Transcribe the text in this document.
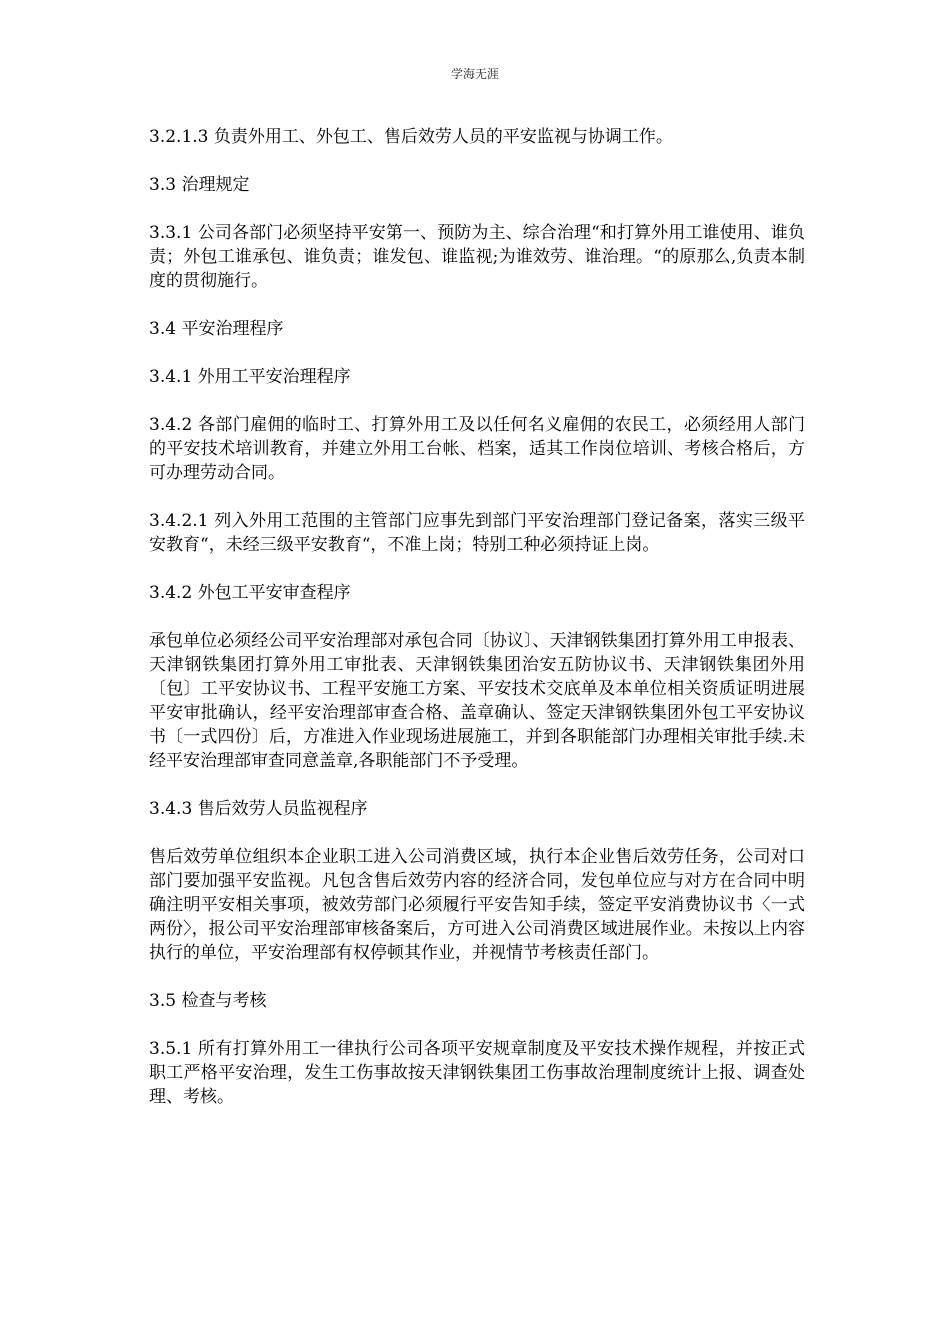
学海无涯

3.2.1.3 负责外用工、外包工、售后效劳人员的平安监视与协调工作。

3.3 治理规定

3.3.1 公司各部门必须坚持平安第一、预防为主、综合治理“和打算外用工谁使用、谁负责；外包工谁承包、谁负责；谁发包、谁监视;为谁效劳、谁治理。“的原那么,负责本制度的贯彻施行。

3.4 平安治理程序

3.4.1 外用工平安治理程序

3.4.2 各部门雇佣的临时工、打算外用工及以任何名义雇佣的农民工，必须经用人部门的平安技术培训教育，并建立外用工台帐、档案，适其工作岗位培训、考核合格后，方可办理劳动合同。

3.4.2.1 列入外用工范围的主管部门应事先到部门平安治理部门登记备案，落实三级平安教育“，未经三级平安教育“，不准上岗；特别工种必须持证上岗。

3.4.2 外包工平安审查程序

承包单位必须经公司平安治理部对承包合同〔协议〕、天津钢铁集团打算外用工申报表、天津钢铁集团打算外用工审批表、天津钢铁集团治安五防协议书、天津钢铁集团外用〔包〕工平安协议书、工程平安施工方案、平安技术交底单及本单位相关资质证明进展平安审批确认，经平安治理部审查合格、盖章确认、签定天津钢铁集团外包工平安协议书〔一式四份〕后，方准进入作业现场进展施工，并到各职能部门办理相关审批手续.未经平安治理部审查同意盖章,各职能部门不予受理。

3.4.3 售后效劳人员监视程序

售后效劳单位组织本企业职工进入公司消费区域，执行本企业售后效劳任务，公司对口部门要加强平安监视。凡包含售后效劳内容的经济合同，发包单位应与对方在合同中明确注明平安相关事项，被效劳部门必须履行平安告知手续，签定平安消费协议书〈一式两份〉，报公司平安治理部审核备案后，方可进入公司消费区域进展作业。未按以上内容执行的单位，平安治理部有权停顿其作业，并视情节考核责任部门。

3.5 检查与考核

3.5.1 所有打算外用工一律执行公司各项平安规章制度及平安技术操作规程，并按正式职工严格平安治理，发生工伤事故按天津钢铁集团工伤事故治理制度统计上报、调查处理、考核。
